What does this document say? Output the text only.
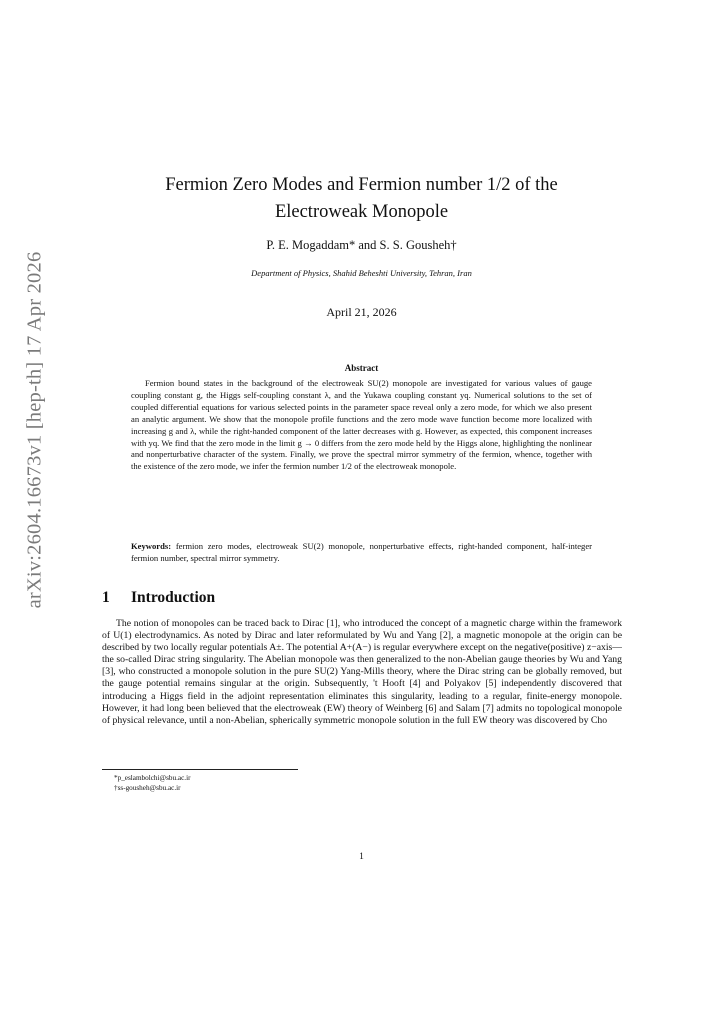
arXiv:2604.16673v1 [hep-th] 17 Apr 2026
Fermion Zero Modes and Fermion number 1/2 of the
Electroweak Monopole
P. E. Mogaddam* and S. S. Gousheh†
Department of Physics, Shahid Beheshti University, Tehran, Iran
April 21, 2026
Abstract
Fermion bound states in the background of the electroweak SU(2) monopole are investigated for various values of gauge coupling constant g, the Higgs self-coupling constant λ, and the Yukawa coupling constant yq. Numerical solutions to the set of coupled differential equations for various selected points in the parameter space reveal only a zero mode, for which we also present an analytic argument. We show that the monopole profile functions and the zero mode wave function become more localized with increasing g and λ, while the right-handed component of the latter decreases with g. However, as expected, this component increases with yq. We find that the zero mode in the limit g → 0 differs from the zero mode held by the Higgs alone, highlighting the nonlinear and nonperturbative character of the system. Finally, we prove the spectral mirror symmetry of the fermion, whence, together with the existence of the zero mode, we infer the fermion number 1/2 of the electroweak monopole.
Keywords: fermion zero modes, electroweak SU(2) monopole, nonperturbative effects, right-handed component, half-integer fermion number, spectral mirror symmetry.
1 Introduction
The notion of monopoles can be traced back to Dirac [1], who introduced the concept of a magnetic charge within the framework of U(1) electrodynamics. As noted by Dirac and later reformulated by Wu and Yang [2], a magnetic monopole at the origin can be described by two locally regular potentials A±. The potential A+(A−) is regular everywhere except on the negative(positive) z−axis—the so-called Dirac string singularity. The Abelian monopole was then generalized to the non-Abelian gauge theories by Wu and Yang [3], who constructed a monopole solution in the pure SU(2) Yang-Mills theory, where the Dirac string can be globally removed, but the gauge potential remains singular at the origin. Subsequently, 't Hooft [4] and Polyakov [5] independently discovered that introducing a Higgs field in the adjoint representation eliminates this singularity, leading to a regular, finite-energy monopole. However, it had long been believed that the electroweak (EW) theory of Weinberg [6] and Salam [7] admits no topological monopole of physical relevance, until a non-Abelian, spherically symmetric monopole solution in the full EW theory was discovered by Cho
*p_eslambolchi@sbu.ac.ir
†ss-gousheh@sbu.ac.ir
1
